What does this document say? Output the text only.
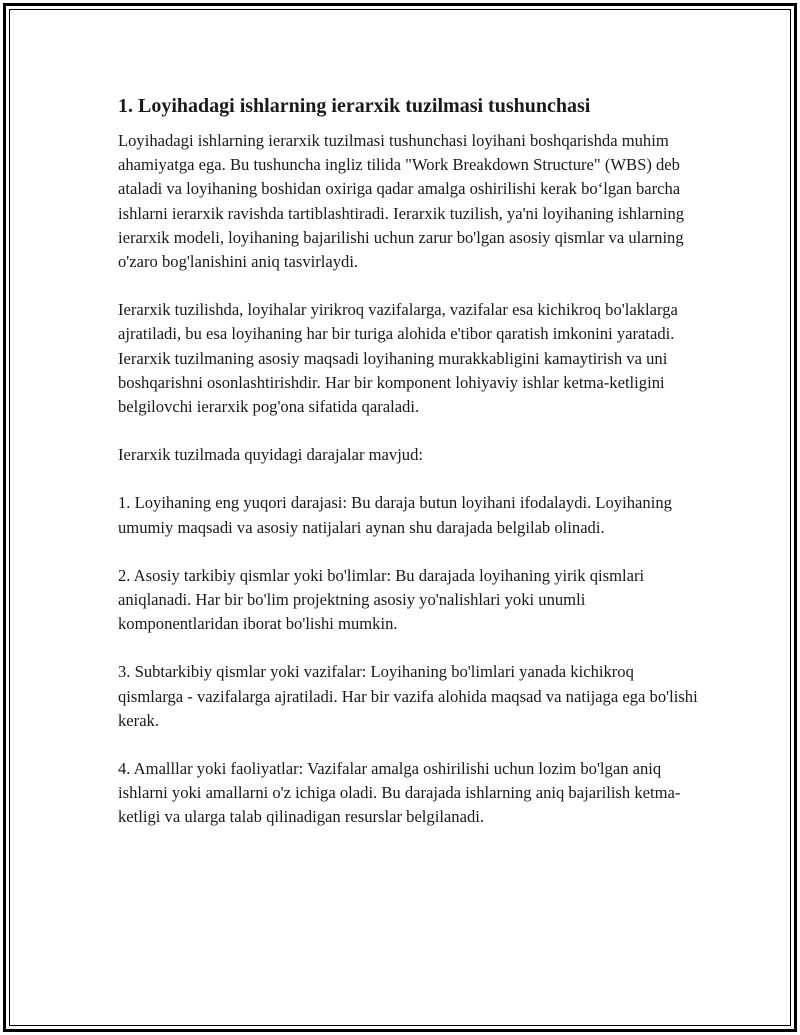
1. Loyihadagi ishlarning ierarxik tuzilmasi tushunchasi

Loyihadagi ishlarning ierarxik tuzilmasi tushunchasi loyihani boshqarishda muhim ahamiyatga ega. Bu tushuncha ingliz tilida "Work Breakdown Structure" (WBS) deb ataladi va loyihaning boshidan oxiriga qadar amalga oshirilishi kerak bo‘lgan barcha ishlarni ierarxik ravishda tartiblashtiradi. Ierarxik tuzilish, ya'ni loyihaning ishlarning ierarxik modeli, loyihaning bajarilishi uchun zarur bo'lgan asosiy qismlar va ularning o'zaro bog'lanishini aniq tasvirlaydi.

Ierarxik tuzilishda, loyihalar yirikroq vazifalarga, vazifalar esa kichikroq bo'laklarga ajratiladi, bu esa loyihaning har bir turiga alohida e'tibor qaratish imkonini yaratadi. Ierarxik tuzilmaning asosiy maqsadi loyihaning murakkabligini kamaytirish va uni boshqarishni osonlashtirishdir. Har bir komponent lohiyaviy ishlar ketma-ketligini belgilovchi ierarxik pog'ona sifatida qaraladi.

Ierarxik tuzilmada quyidagi darajalar mavjud:

1. Loyihaning eng yuqori darajasi: Bu daraja butun loyihani ifodalaydi. Loyihaning umumiy maqsadi va asosiy natijalari aynan shu darajada belgilab olinadi.

2. Asosiy tarkibiy qismlar yoki bo'limlar: Bu darajada loyihaning yirik qismlari aniqlanadi. Har bir bo'lim projektning asosiy yo'nalishlari yoki unumli komponentlaridan iborat bo'lishi mumkin.

3. Subtarkibiy qismlar yoki vazifalar: Loyihaning bo'limlari yanada kichikroq qismlarga - vazifalarga ajratiladi. Har bir vazifa alohida maqsad va natijaga ega bo'lishi kerak.

4. Amalllar yoki faoliyatlar: Vazifalar amalga oshirilishi uchun lozim bo'lgan aniq ishlarni yoki amallarni o'z ichiga oladi. Bu darajada ishlarning aniq bajarilish ketma-ketligi va ularga talab qilinadigan resurslar belgilanadi.
